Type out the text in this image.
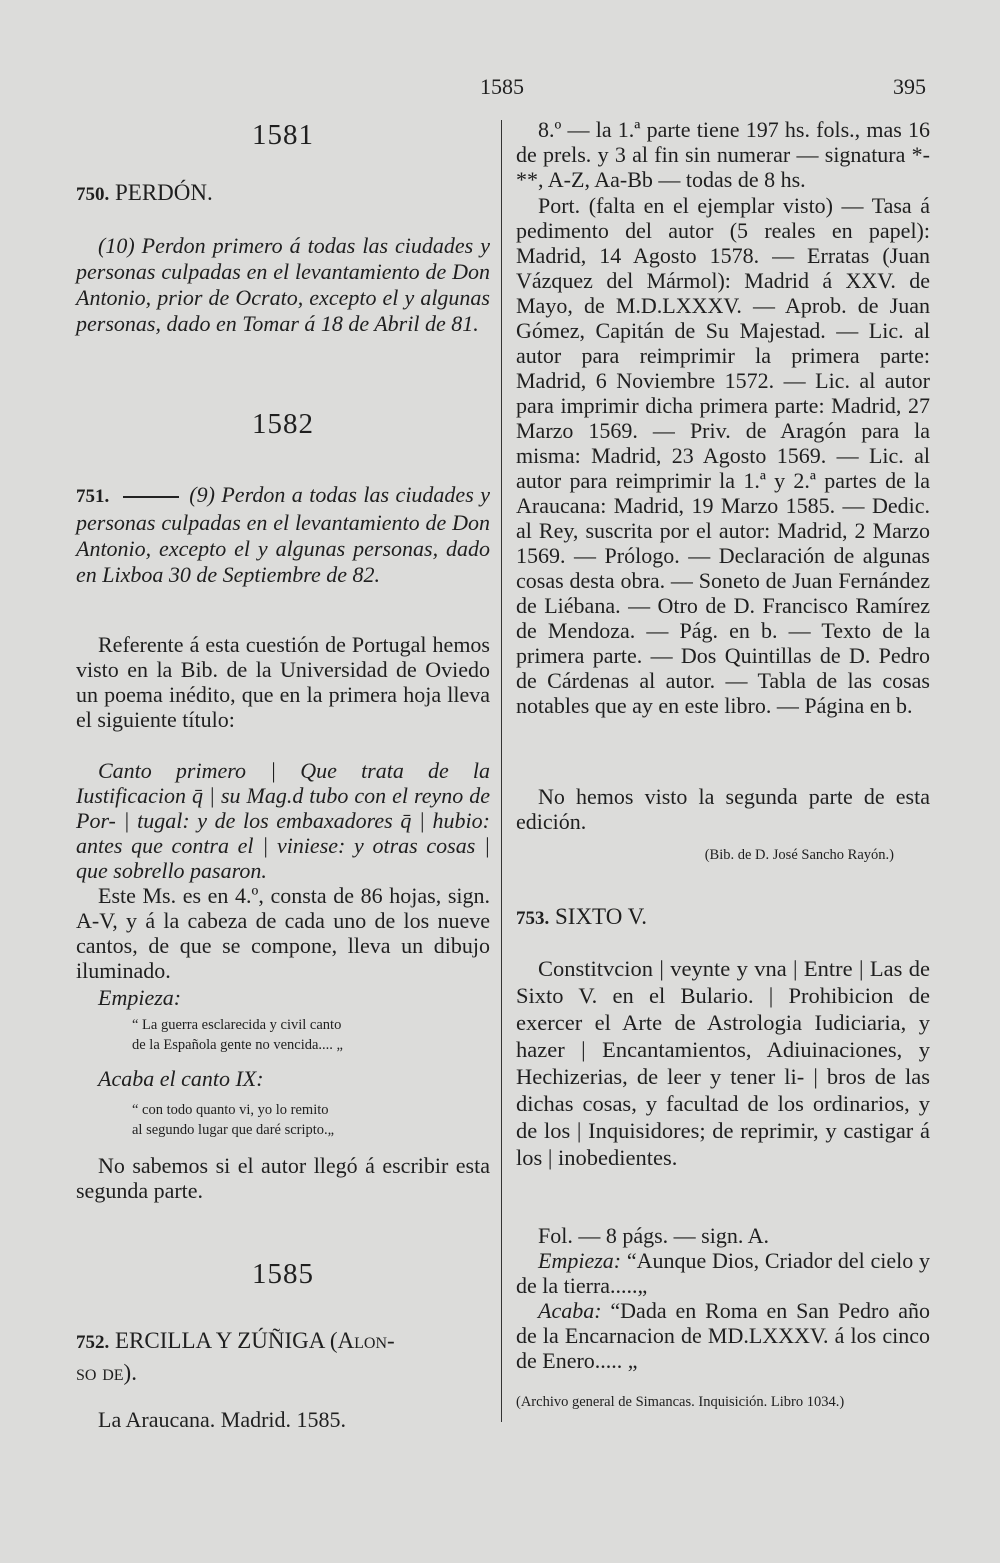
1585	395
1581

750. PERDÓN.

(10) Perdon primero á todas las ciudades y personas culpadas en el levantamiento de Don Antonio, prior de Ocrato, excepto el y algunas personas, dado en Tomar á 18 de Abril de 81.

1582

751.	(9) Perdon a todas las ciudades y personas culpadas en el levantamiento de Don Antonio, excepto el y algunas personas, dado en Lixboa 30 de Septiembre de 82.

Referente á esta cuestión de Portugal hemos visto en la Bib. de la Universidad de Oviedo un poema inédito, que en la primera hoja lleva el siguiente título:

Canto primero | Que trata de la Iustificacion q̄ | su Mag.d tubo con el reyno de Por- | tugal: y de los embaxadores q̄ | hubio: antes que contra el | viniese: y otras cosas | que sobrello pasaron.

Este Ms. es en 4.º, consta de 86 hojas, sign. A-V, y á la cabeza de cada uno de los nueve cantos, de que se compone, lleva un dibujo iluminado.

Empieza:

“ La guerra esclarecida y civil canto

de la Española gente no vencida.... „

Acaba el canto IX:

“ con todo quanto vi, yo lo remito

al segundo lugar que daré scripto.„

No sabemos si el autor llegó á escribir esta segunda parte.

1585

752. ERCILLA Y ZÚÑIGA (Alon-

so de).

La Araucana. Madrid. 1585.

8.º — la 1.ª parte tiene 197 hs. fols., mas 16 de prels. y 3 al fin sin numerar — signatura *-**, A-Z, Aa-Bb — todas de 8 hs.

Port. (falta en el ejemplar visto) — Tasa á pedimento del autor (5 reales en papel): Madrid, 14 Agosto 1578. — Erratas (Juan Vázquez del Mármol): Madrid á XXV. de Mayo, de M.D.LXXXV. — Aprob. de Juan Gómez, Capitán de Su Majestad. — Lic. al autor para reimprimir la primera parte: Madrid, 6 Noviembre 1572. — Lic. al autor para imprimir dicha primera parte: Madrid, 27 Marzo 1569. — Priv. de Aragón para la misma: Madrid, 23 Agosto 1569. — Lic. al autor para reimprimir la 1.ª y 2.ª partes de la Araucana: Madrid, 19 Marzo 1585. — Dedic. al Rey, suscrita por el autor: Madrid, 2 Marzo 1569. — Prólogo. — Declaración de algunas cosas desta obra. — Soneto de Juan Fernández de Liébana. — Otro de D. Francisco Ramírez de Mendoza. — Pág. en b. — Texto de la primera parte. — Dos Quintillas de D. Pedro de Cárdenas al autor. — Tabla de las cosas notables que ay en este libro. — Página en b.

No hemos visto la segunda parte de esta edición.

(Bib. de D. José Sancho Rayón.)

753. SIXTO V.

Constitvcion | veynte y vna | Entre | Las de Sixto V. en el Bulario. | Prohibicion de exercer el Arte de Astrologia Iudiciaria, y hazer | Encantamientos, Adiuinaciones, y Hechizerias, de leer y tener li- | bros de las dichas cosas, y facultad de los ordinarios, y de los | Inquisidores; de reprimir, y castigar á los | inobedientes.

Fol. — 8 págs. — sign. A.

Empieza: “Aunque Dios, Criador del cielo y de la tierra.....„

Acaba: “Dada en Roma en San Pedro año de la Encarnacion de MD.LXXXV. á los cinco de Enero..... „

(Archivo general de Simancas. Inquisición. Libro 1034.)
